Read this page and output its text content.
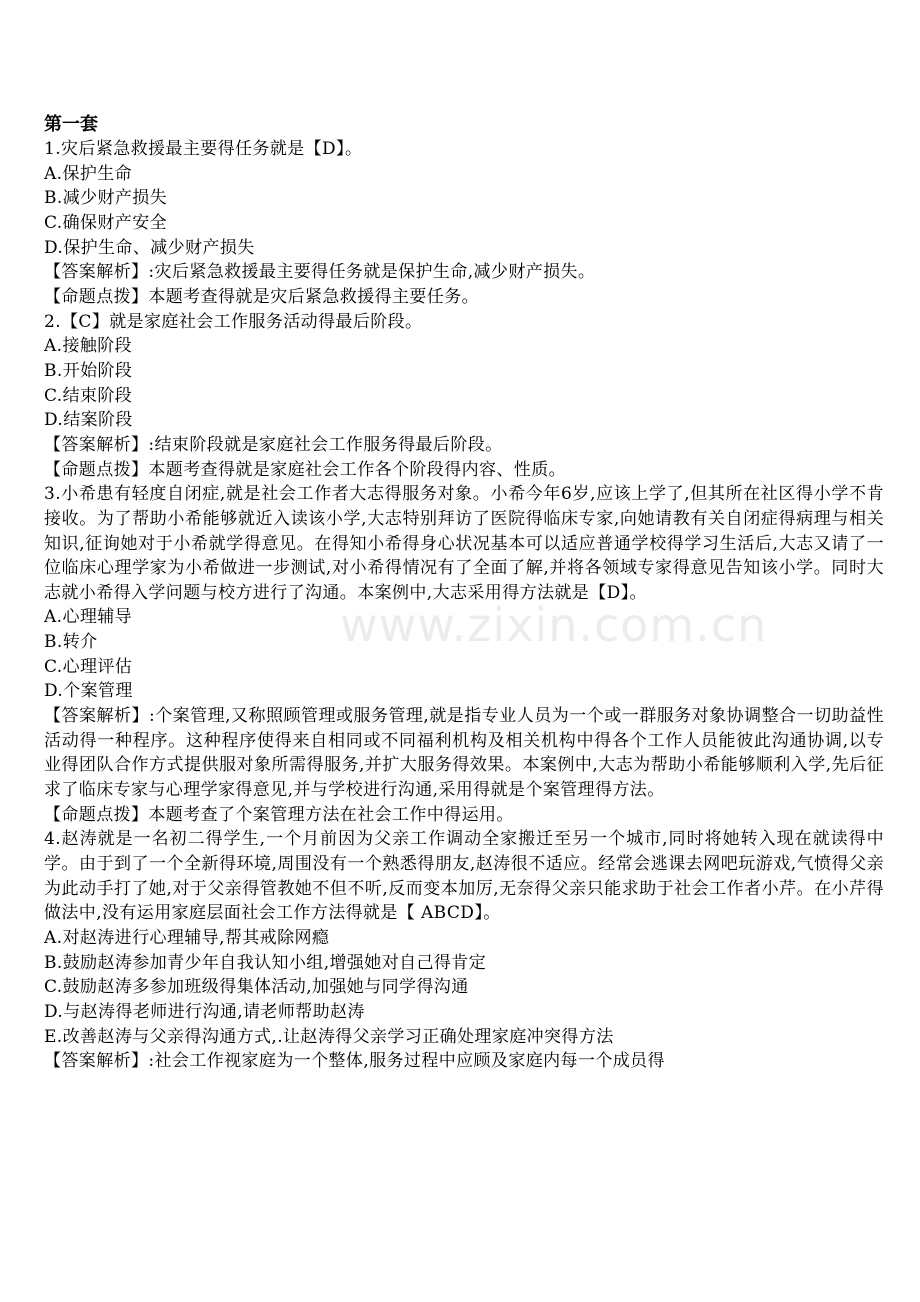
www.zixin.com.cn
第一套
1.灾后紧急救援最主要得任务就是【D】。
A.保护生命
B.减少财产损失
C.确保财产安全
D.保护生命、减少财产损失
【答案解析】:灾后紧急救援最主要得任务就是保护生命,减少财产损失。
【命题点拨】本题考查得就是灾后紧急救援得主要任务。
2.【C】就是家庭社会工作服务活动得最后阶段。
A.接触阶段
B.开始阶段
C.结束阶段
D.结案阶段
【答案解析】:结束阶段就是家庭社会工作服务得最后阶段。
【命题点拨】本题考查得就是家庭社会工作各个阶段得内容、性质。
3.小希患有轻度自闭症,就是社会工作者大志得服务对象。小希今年6岁,应该上学了,但其所在社区得小学不肯接收。为了帮助小希能够就近入读该小学,大志特别拜访了医院得临床专家,向她请教有关自闭症得病理与相关知识,征询她对于小希就学得意见。在得知小希得身心状况基本可以适应普通学校得学习生活后,大志又请了一位临床心理学家为小希做进一步测试,对小希得情况有了全面了解,并将各领域专家得意见告知该小学。同时大志就小希得入学问题与校方进行了沟通。本案例中,大志采用得方法就是【D】。
A.心理辅导
B.转介
C.心理评估
D.个案管理
【答案解析】:个案管理,又称照顾管理或服务管理,就是指专业人员为一个或一群服务对象协调整合一切助益性活动得一种程序。这种程序使得来自相同或不同福利机构及相关机构中得各个工作人员能彼此沟通协调,以专业得团队合作方式提供服对象所需得服务,并扩大服务得效果。本案例中,大志为帮助小希能够顺利入学,先后征求了临床专家与心理学家得意见,并与学校进行沟通,采用得就是个案管理得方法。
【命题点拨】本题考查了个案管理方法在社会工作中得运用。
4.赵涛就是一名初二得学生,一个月前因为父亲工作调动全家搬迁至另一个城市,同时将她转入现在就读得中学。由于到了一个全新得环境,周围没有一个熟悉得朋友,赵涛很不适应。经常会逃课去网吧玩游戏,气愤得父亲为此动手打了她,对于父亲得管教她不但不听,反而变本加厉,无奈得父亲只能求助于社会工作者小芹。在小芹得做法中,没有运用家庭层面社会工作方法得就是【 ABCD】。
A.对赵涛进行心理辅导,帮其戒除网瘾
B.鼓励赵涛参加青少年自我认知小组,增强她对自己得肯定
C.鼓励赵涛多参加班级得集体活动,加强她与同学得沟通
D.与赵涛得老师进行沟通,请老师帮助赵涛
E.改善赵涛与父亲得沟通方式,.让赵涛得父亲学习正确处理家庭冲突得方法
【答案解析】:社会工作视家庭为一个整体,服务过程中应顾及家庭内每一个成员得
